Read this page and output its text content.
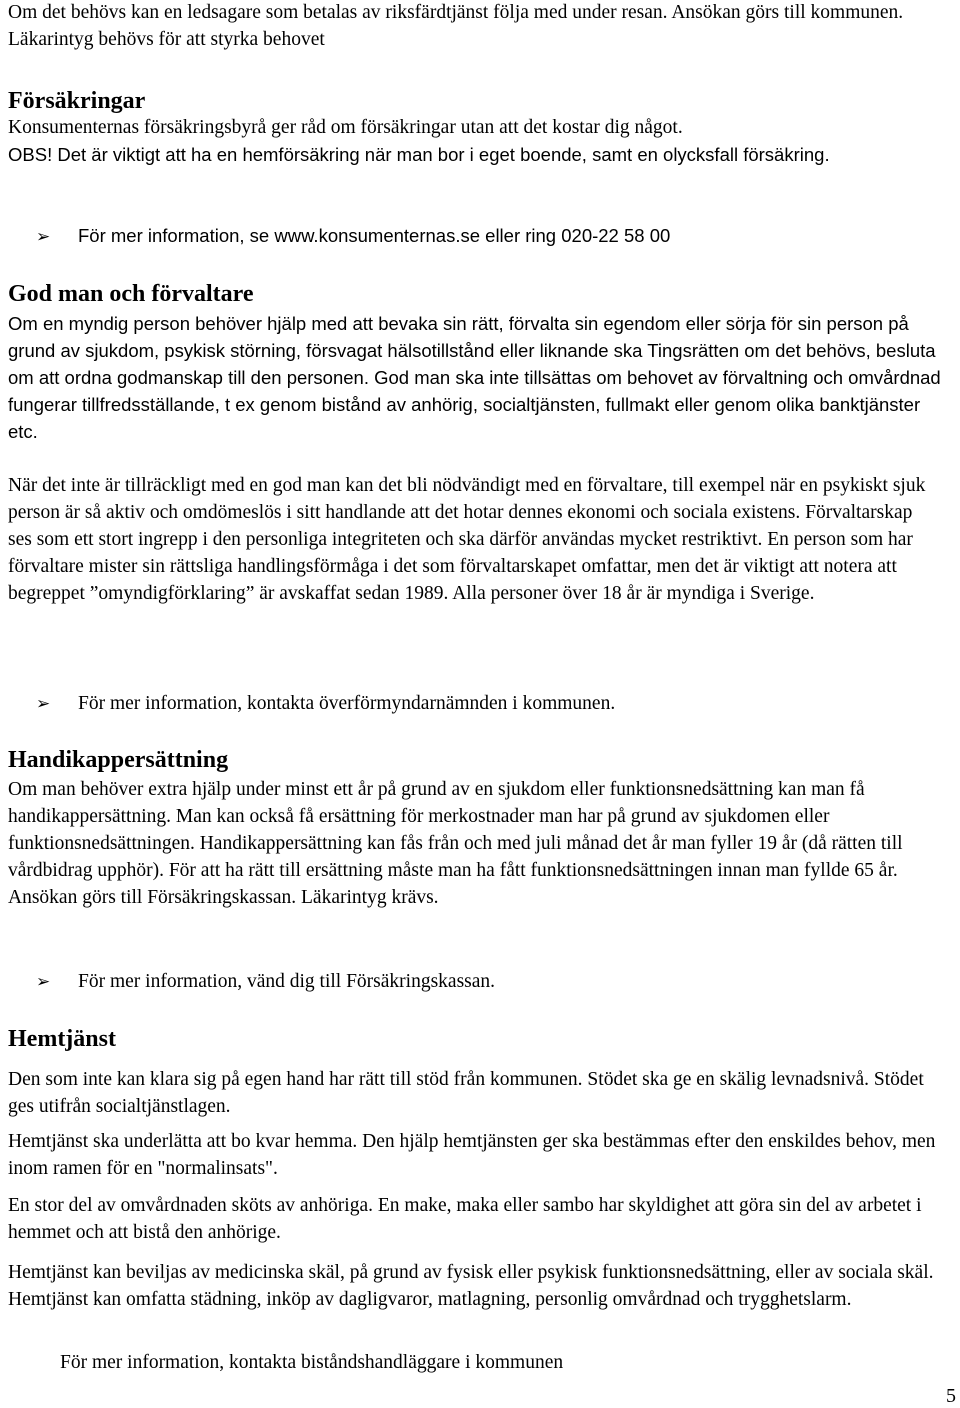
Om det behövs kan en ledsagare som betalas av riksfärdtjänst följa med under resan. Ansökan görs till kommunen. Läkarintyg behövs för att styrka behovet

Försäkringar

Konsumenternas försäkringsbyrå ger råd om försäkringar utan att det kostar dig något.

OBS! Det är viktigt att ha en hemförsäkring när man bor i eget boende, samt en olycksfall försäkring.

➢	För mer information, se www.konsumenternas.se eller ring 020-22 58 00
God man och förvaltare

Om en myndig person behöver hjälp med att bevaka sin rätt, förvalta sin egendom eller sörja för sin person på grund av sjukdom, psykisk störning, försvagat hälsotillstånd eller liknande ska Tingsrätten om det behövs, besluta om att ordna godmanskap till den personen. God man ska inte tillsättas om behovet av förvaltning och omvårdnad fungerar tillfredsställande, t ex genom bistånd av anhörig, socialtjänsten, fullmakt eller genom olika banktjänster etc.

När det inte är tillräckligt med en god man kan det bli nödvändigt med en förvaltare, till exempel när en psykiskt sjuk person är så aktiv och omdömeslös i sitt handlande att det hotar dennes ekonomi och sociala existens. Förvaltarskap ses som ett stort ingrepp i den personliga integriteten och ska därför användas mycket restriktivt. En person som har förvaltare mister sin rättsliga handlingsförmåga i det som förvaltarskapet omfattar, men det är viktigt att notera att begreppet ”omyndigförklaring” är avskaffat sedan 1989. Alla personer över 18 år är myndiga i Sverige.

➢	För mer information, kontakta överförmyndarnämnden i kommunen.
Handikappersättning

Om man behöver extra hjälp under minst ett år på grund av en sjukdom eller funktionsnedsättning kan man få handikappersättning. Man kan också få ersättning för merkostnader man har på grund av sjukdomen eller funktionsnedsättningen. Handikappersättning kan fås från och med juli månad det år man fyller 19 år (då rätten till vårdbidrag upphör). För att ha rätt till ersättning måste man ha fått funktionsnedsättningen innan man fyllde 65 år. Ansökan görs till Försäkringskassan. Läkarintyg krävs.

➢	För mer information, vänd dig till Försäkringskassan.
Hemtjänst

Den som inte kan klara sig på egen hand har rätt till stöd från kommunen. Stödet ska ge en skälig levnadsnivå. Stödet ges utifrån socialtjänstlagen.

Hemtjänst ska underlätta att bo kvar hemma. Den hjälp hemtjänsten ger ska bestämmas efter den enskildes behov, men inom ramen för en "normalinsats".

En stor del av omvårdnaden sköts av anhöriga. En make, maka eller sambo har skyldighet att göra sin del av arbetet i hemmet och att bistå den anhörige.

Hemtjänst kan beviljas av medicinska skäl, på grund av fysisk eller psykisk funktionsnedsättning, eller av sociala skäl. Hemtjänst kan omfatta städning, inköp av dagligvaror, matlagning, personlig omvårdnad och trygghetslarm.

För mer information, kontakta biståndshandläggare i kommunen

5
